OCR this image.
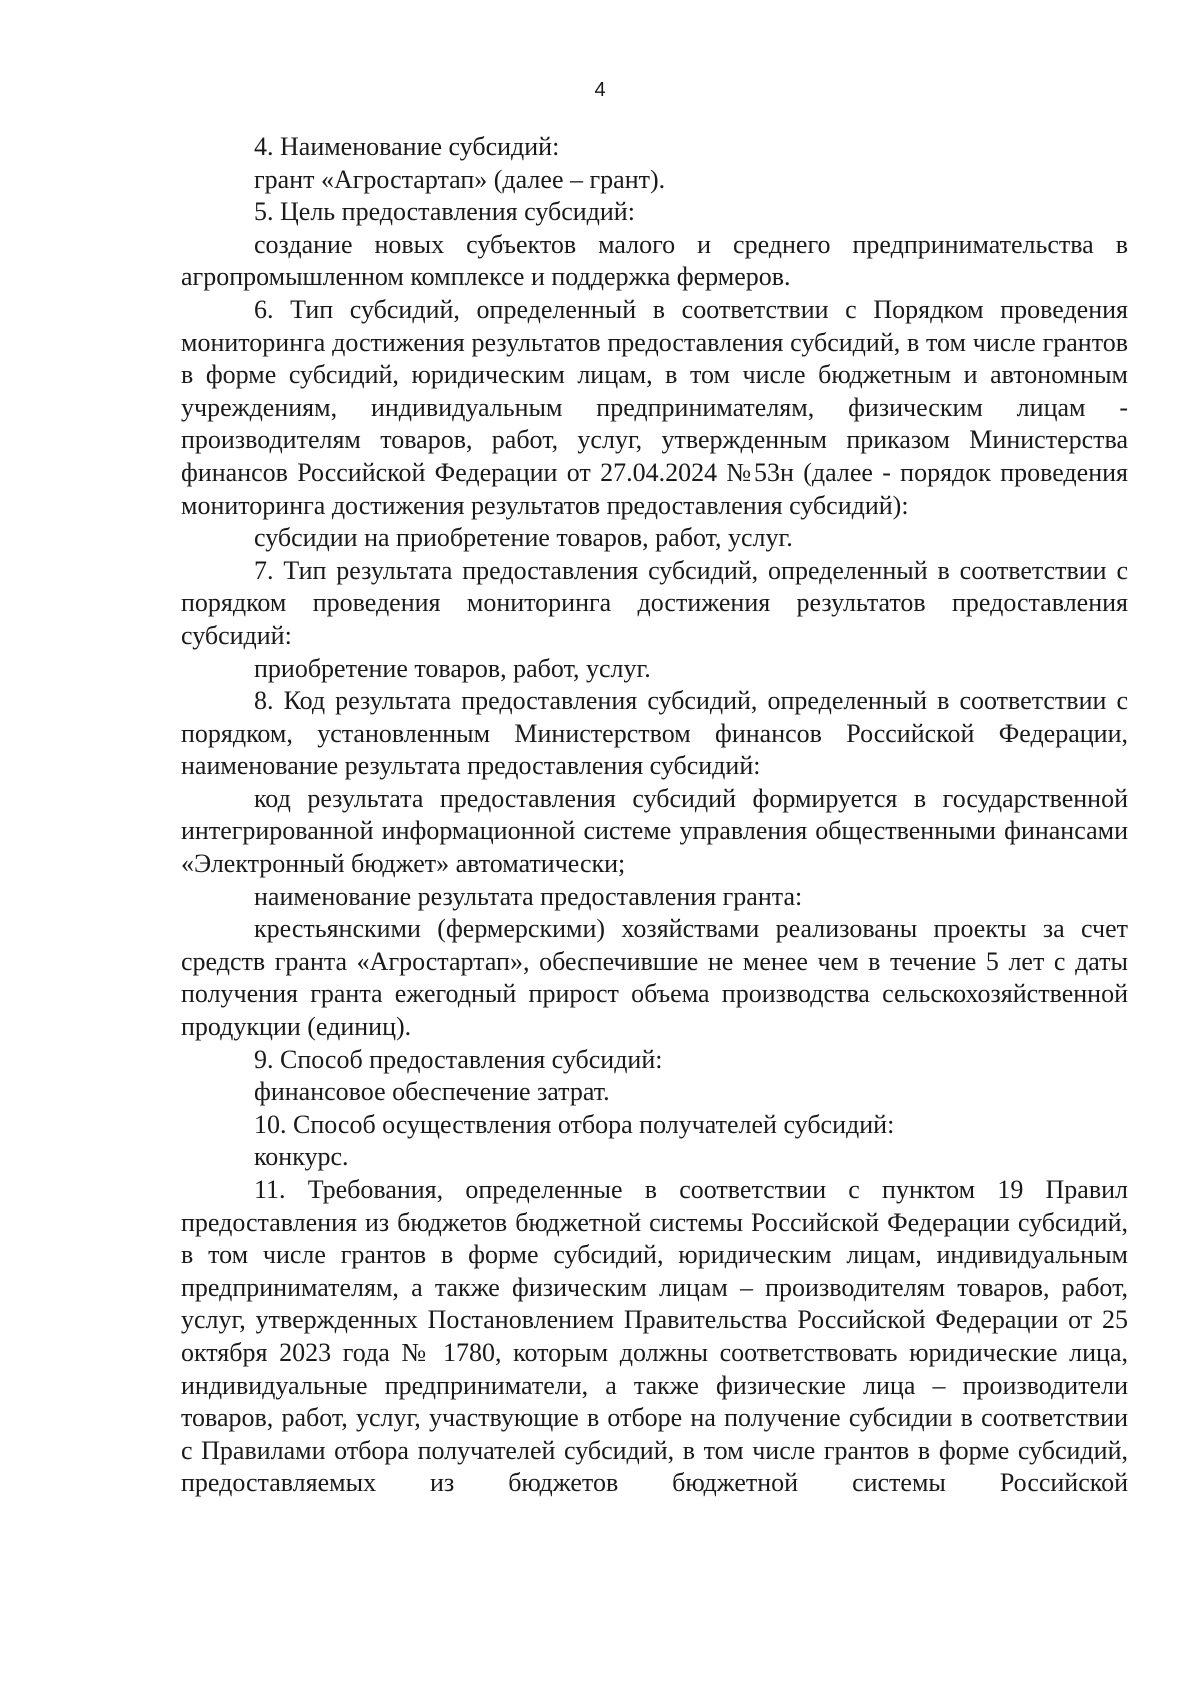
4

4. Наименование субсидий:

грант «Агростартап» (далее – грант).

5. Цель предоставления субсидий:

создание новых субъектов малого и среднего предпринимательства в агропромышленном комплексе и поддержка фермеров.

6. Тип субсидий, определенный в соответствии с Порядком проведения мониторинга достижения результатов предоставления субсидий, в том числе грантов в форме субсидий, юридическим лицам, в том числе бюджетным и автономным учреждениям, индивидуальным предпринимателям, физическим лицам - производителям товаров, работ, услуг, утвержденным приказом Министерства финансов Российской Федерации от 27.04.2024 №53н (далее - порядок проведения мониторинга достижения результатов предоставления субсидий):

субсидии на приобретение товаров, работ, услуг.

7. Тип результата предоставления субсидий, определенный в соответствии с порядком проведения мониторинга достижения результатов предоставления субсидий:

приобретение товаров, работ, услуг.

8. Код результата предоставления субсидий, определенный в соответствии с порядком, установленным Министерством финансов Российской Федерации, наименование результата предоставления субсидий:

код результата предоставления субсидий формируется в государственной интегрированной информационной системе управления общественными финансами «Электронный бюджет» автоматически;

наименование результата предоставления гранта:

крестьянскими (фермерскими) хозяйствами реализованы проекты за счет средств гранта «Агростартап», обеспечившие не менее чем в течение 5 лет с даты получения гранта ежегодный прирост объема производства сельскохозяйственной продукции (единиц).

9. Способ предоставления субсидий:

финансовое обеспечение затрат.

10. Способ осуществления отбора получателей субсидий:

конкурс.

11. Требования, определенные в соответствии с пунктом 19 Правил предоставления из бюджетов бюджетной системы Российской Федерации субсидий, в том числе грантов в форме субсидий, юридическим лицам, индивидуальным предпринимателям, а также физическим лицам – производителям товаров, работ, услуг, утвержденных Постановлением Правительства Российской Федерации от 25 октября 2023 года № 1780, которым должны соответствовать юридические лица, индивидуальные предприниматели, а также физические лица – производители товаров, работ, услуг, участвующие в отборе на получение субсидии в соответствии с Правилами отбора получателей субсидий, в том числе грантов в форме субсидий, предоставляемых из бюджетов бюджетной системы Российской
